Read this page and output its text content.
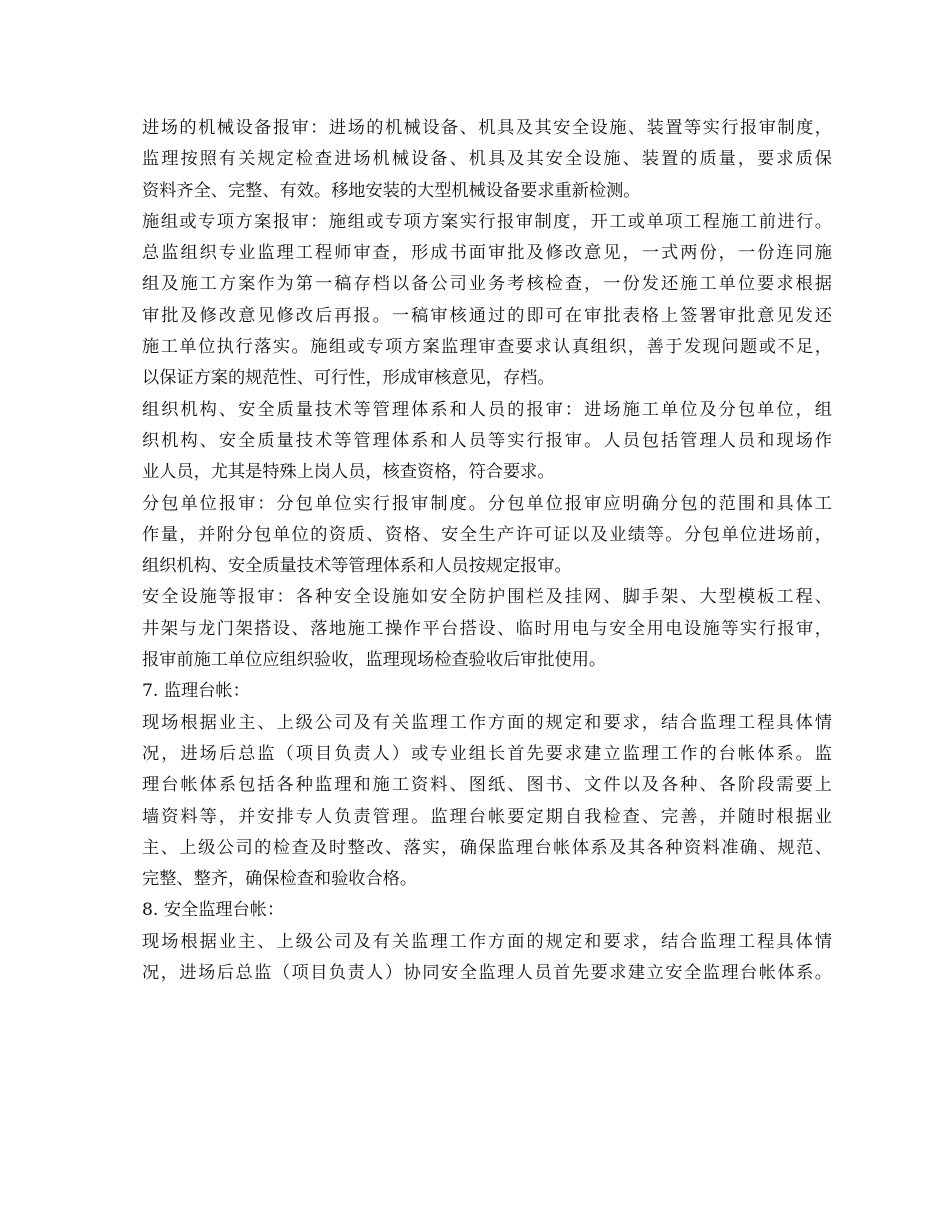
进场的机械设备报审：进场的机械设备、机具及其安全设施、装置等实行报审制度，
监理按照有关规定检查进场机械设备、机具及其安全设施、装置的质量，要求质保
资料齐全、完整、有效。移地安装的大型机械设备要求重新检测。
施组或专项方案报审：施组或专项方案实行报审制度，开工或单项工程施工前进行。
总监组织专业监理工程师审查，形成书面审批及修改意见，一式两份，一份连同施
组及施工方案作为第一稿存档以备公司业务考核检查，一份发还施工单位要求根据
审批及修改意见修改后再报。一稿审核通过的即可在审批表格上签署审批意见发还
施工单位执行落实。施组或专项方案监理审查要求认真组织，善于发现问题或不足，
以保证方案的规范性、可行性，形成审核意见，存档。
组织机构、安全质量技术等管理体系和人员的报审：进场施工单位及分包单位，组
织机构、安全质量技术等管理体系和人员等实行报审。人员包括管理人员和现场作
业人员，尤其是特殊上岗人员，核查资格，符合要求。
分包单位报审：分包单位实行报审制度。分包单位报审应明确分包的范围和具体工
作量，并附分包单位的资质、资格、安全生产许可证以及业绩等。分包单位进场前，
组织机构、安全质量技术等管理体系和人员按规定报审。
安全设施等报审：各种安全设施如安全防护围栏及挂网、脚手架、大型模板工程、
井架与龙门架搭设、落地施工操作平台搭设、临时用电与安全用电设施等实行报审，
报审前施工单位应组织验收，监理现场检查验收后审批使用。
7. 监理台帐：
现场根据业主、上级公司及有关监理工作方面的规定和要求，结合监理工程具体情
况，进场后总监（项目负责人）或专业组长首先要求建立监理工作的台帐体系。监
理台帐体系包括各种监理和施工资料、图纸、图书、文件以及各种、各阶段需要上
墙资料等，并安排专人负责管理。监理台帐要定期自我检查、完善，并随时根据业
主、上级公司的检查及时整改、落实，确保监理台帐体系及其各种资料准确、规范、
完整、整齐，确保检查和验收合格。
8. 安全监理台帐：
现场根据业主、上级公司及有关监理工作方面的规定和要求，结合监理工程具体情
况，进场后总监（项目负责人）协同安全监理人员首先要求建立安全监理台帐体系。
